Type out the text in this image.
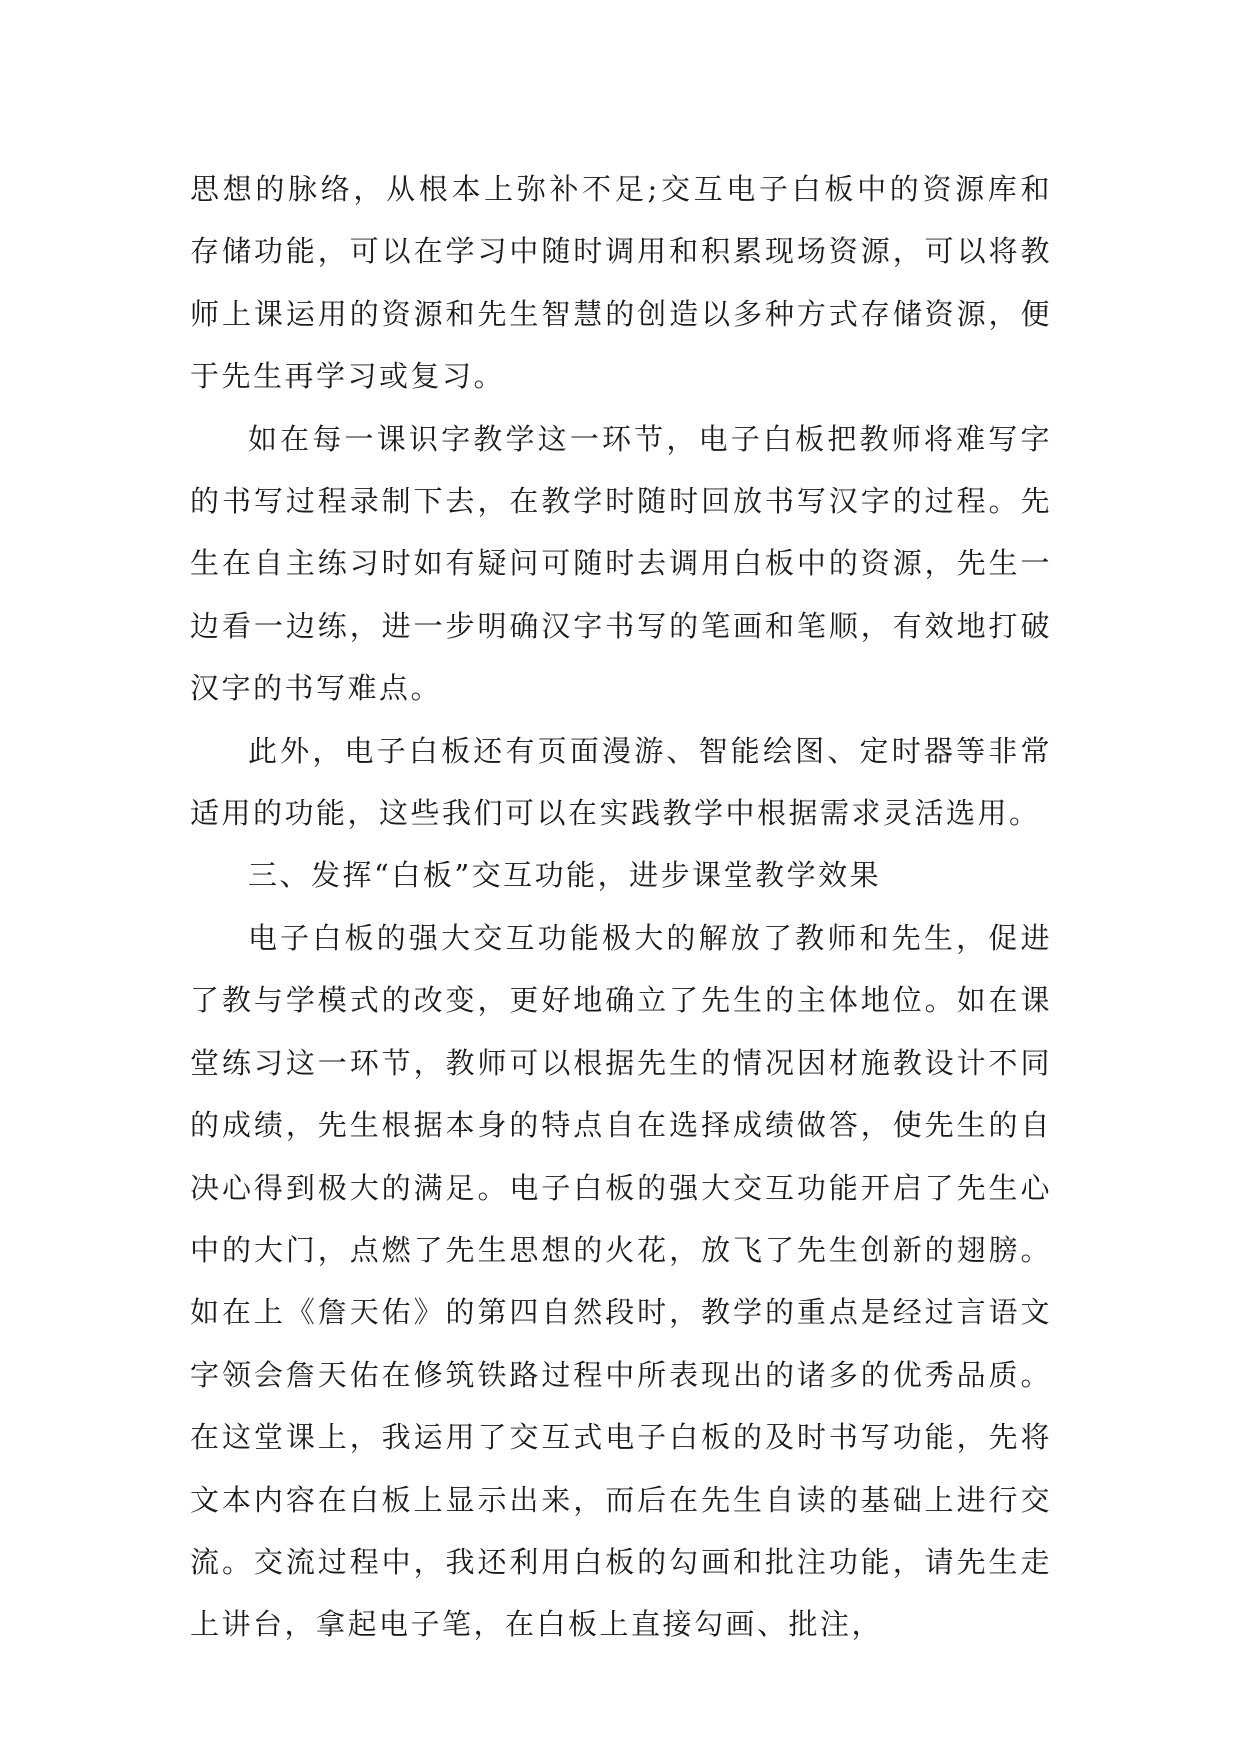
思想的脉络，从根本上弥补不足;交互电子白板中的资源库和存储功能，可以在学习中随时调用和积累现场资源，可以将教师上课运用的资源和先生智慧的创造以多种方式存储资源，便于先生再学习或复习。

如在每一课识字教学这一环节，电子白板把教师将难写字的书写过程录制下去，在教学时随时回放书写汉字的过程。先生在自主练习时如有疑问可随时去调用白板中的资源，先生一边看一边练，进一步明确汉字书写的笔画和笔顺，有效地打破汉字的书写难点。

此外，电子白板还有页面漫游、智能绘图、定时器等非常适用的功能，这些我们可以在实践教学中根据需求灵活选用。

三、发挥“白板”交互功能，进步课堂教学效果

电子白板的强大交互功能极大的解放了教师和先生，促进了教与学模式的改变，更好地确立了先生的主体地位。如在课堂练习这一环节，教师可以根据先生的情况因材施教设计不同的成绩，先生根据本身的特点自在选择成绩做答，使先生的自决心得到极大的满足。电子白板的强大交互功能开启了先生心中的大门，点燃了先生思想的火花，放飞了先生创新的翅膀。如在上《詹天佑》的第四自然段时，教学的重点是经过言语文字领会詹天佑在修筑铁路过程中所表现出的诸多的优秀品质。在这堂课上，我运用了交互式电子白板的及时书写功能，先将文本内容在白板上显示出来，而后在先生自读的基础上进行交流。交流过程中，我还利用白板的勾画和批注功能，请先生走上讲台，拿起电子笔，在白板上直接勾画、批注，
